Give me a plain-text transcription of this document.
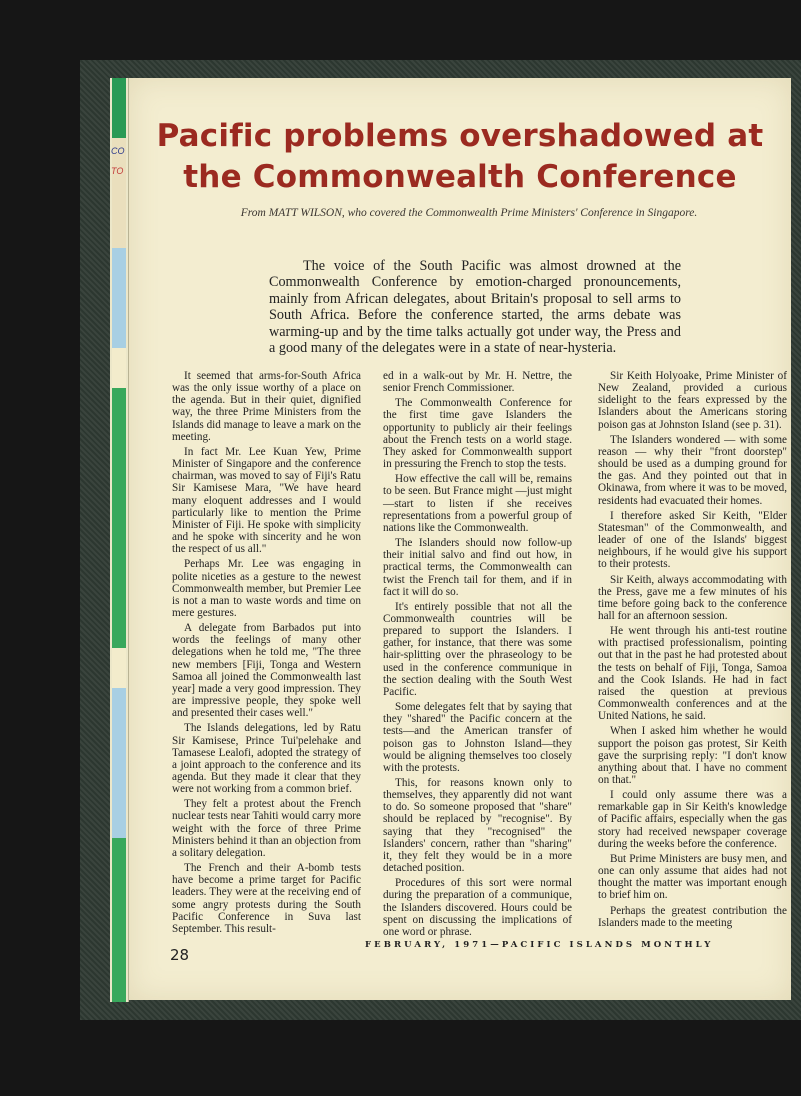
CO
TO
Pacific problems overshadowed at the Commonwealth Conference
From MATT WILSON, who covered the Commonwealth Prime Ministers' Conference in Singapore.

The voice of the South Pacific was almost drowned at the Commonwealth Conference by emotion-charged pronouncements, mainly from African delegates, about Britain's proposal to sell arms to South Africa. Before the conference started, the arms debate was warming-up and by the time talks actually got under way, the Press and a good many of the delegates were in a state of near-hysteria.

It seemed that arms-for-South Africa was the only issue worthy of a place on the agenda. But in their quiet, dignified way, the three Prime Ministers from the Islands did manage to leave a mark on the meeting.

In fact Mr. Lee Kuan Yew, Prime Minister of Singapore and the conference chairman, was moved to say of Fiji's Ratu Sir Kamisese Mara, "We have heard many eloquent addresses and I would particularly like to mention the Prime Minister of Fiji. He spoke with simplicity and he spoke with sincerity and he won the respect of us all."

Perhaps Mr. Lee was engaging in polite niceties as a gesture to the newest Commonwealth member, but Premier Lee is not a man to waste words and time on mere gestures.

A delegate from Barbados put into words the feelings of many other delegations when he told me, "The three new members [Fiji, Tonga and Western Samoa all joined the Commonwealth last year] made a very good impression. They are impressive people, they spoke well and presented their cases well."

The Islands delegations, led by Ratu Sir Kamisese, Prince Tui'pelehake and Tamasese Lealofi, adopted the strategy of a joint approach to the conference and its agenda. But they made it clear that they were not working from a common brief.

They felt a protest about the French nuclear tests near Tahiti would carry more weight with the force of three Prime Ministers behind it than an objection from a solitary delegation.

The French and their A-bomb tests have become a prime target for Pacific leaders. They were at the receiving end of some angry protests during the South Pacific Conference in Suva last September. This result-

ed in a walk-out by Mr. H. Nettre, the senior French Commissioner.

The Commonwealth Conference for the first time gave Islanders the opportunity to publicly air their feelings about the French tests on a world stage. They asked for Commonwealth support in pressuring the French to stop the tests.

How effective the call will be, remains to be seen. But France might —just might—start to listen if she receives representations from a powerful group of nations like the Commonwealth.

The Islanders should now follow-up their initial salvo and find out how, in practical terms, the Commonwealth can twist the French tail for them, and if in fact it will do so.

It's entirely possible that not all the Commonwealth countries will be prepared to support the Islanders. I gather, for instance, that there was some hair-splitting over the phraseology to be used in the conference communique in the section dealing with the South West Pacific.

Some delegates felt that by saying that they "shared" the Pacific concern at the tests—and the American transfer of poison gas to Johnston Island—they would be aligning themselves too closely with the protests.

This, for reasons known only to themselves, they apparently did not want to do. So someone proposed that "share" should be replaced by "recognise". By saying that they "recognised" the Islanders' concern, rather than "sharing" it, they felt they would be in a more detached position.

Procedures of this sort were normal during the preparation of a communique, the Islanders discovered. Hours could be spent on discussing the implications of one word or phrase.

Sir Keith Holyoake, Prime Minister of New Zealand, provided a curious sidelight to the fears expressed by the Islanders about the Americans storing poison gas at Johnston Island (see p. 31).

The Islanders wondered — with some reason — why their "front doorstep" should be used as a dumping ground for the gas. And they pointed out that in Okinawa, from where it was to be moved, residents had evacuated their homes.

I therefore asked Sir Keith, "Elder Statesman" of the Commonwealth, and leader of one of the Islands' biggest neighbours, if he would give his support to their protests.

Sir Keith, always accommodating with the Press, gave me a few minutes of his time before going back to the conference hall for an afternoon session.

He went through his anti-test routine with practised professionalism, pointing out that in the past he had protested about the tests on behalf of Fiji, Tonga, Samoa and the Cook Islands. He had in fact raised the question at previous Commonwealth conferences and at the United Nations, he said.

When I asked him whether he would support the poison gas protest, Sir Keith gave the surprising reply: "I don't know anything about that. I have no comment on that."

I could only assume there was a remarkable gap in Sir Keith's knowledge of Pacific affairs, especially when the gas story had received newspaper coverage during the weeks before the conference.

But Prime Ministers are busy men, and one can only assume that aides had not thought the matter was important enough to brief him on.

Perhaps the greatest contribution the Islanders made to the meeting

28
FEBRUARY, 1971—PACIFIC ISLANDS MONTHLY
